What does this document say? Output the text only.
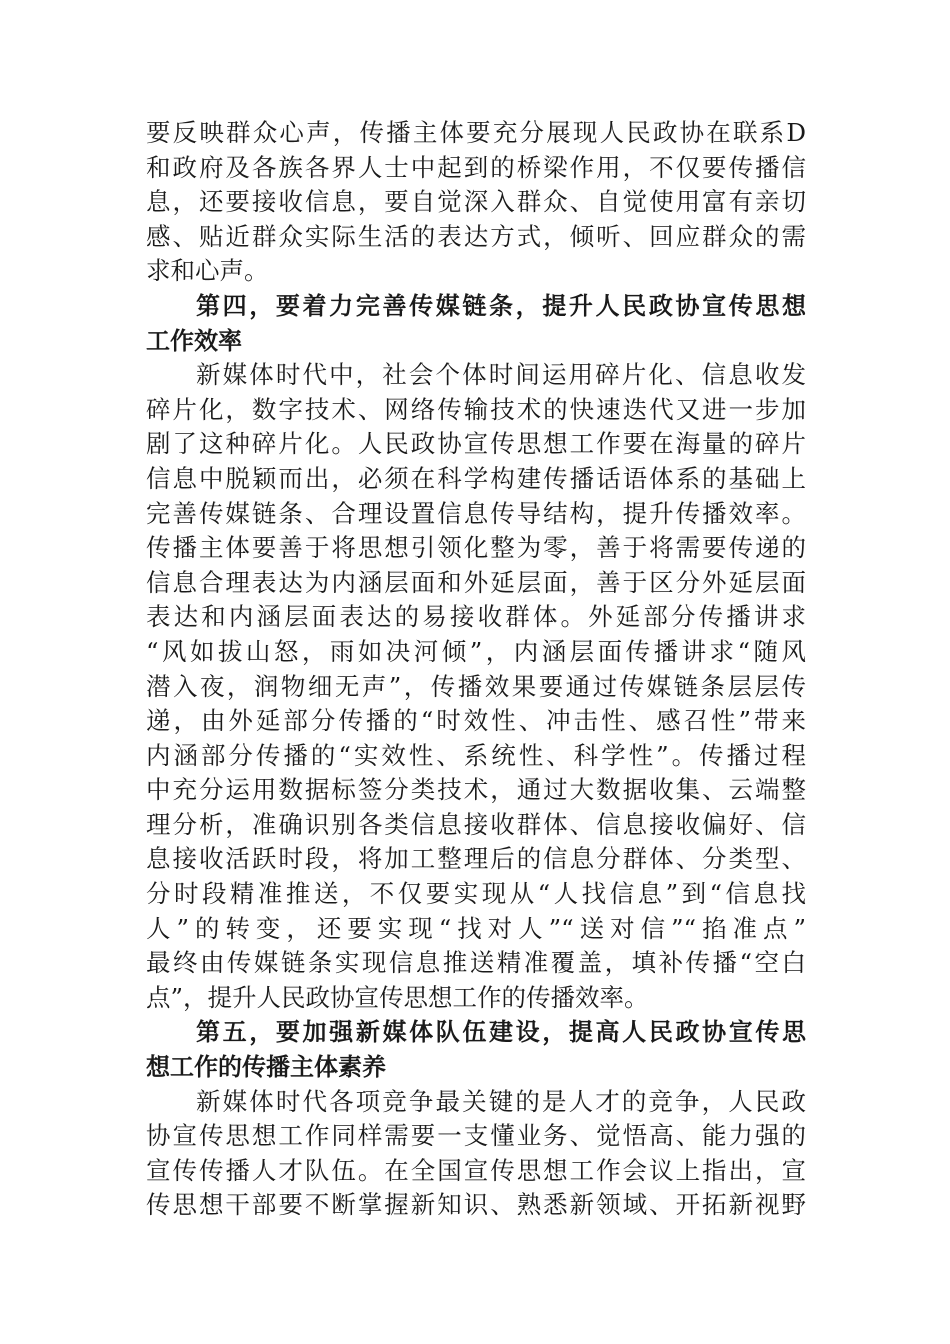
要反映群众心声，传播主体要充分展现人民政协在联系D
和政府及各族各界人士中起到的桥梁作用，不仅要传播信
息，还要接收信息，要自觉深入群众、自觉使用富有亲切
感、贴近群众实际生活的表达方式，倾听、回应群众的需
求和心声。
第四，要着力完善传媒链条，提升人民政协宣传思想
工作效率
新媒体时代中，社会个体时间运用碎片化、信息收发
碎片化，数字技术、网络传输技术的快速迭代又进一步加
剧了这种碎片化。人民政协宣传思想工作要在海量的碎片
信息中脱颖而出，必须在科学构建传播话语体系的基础上
完善传媒链条、合理设置信息传导结构，提升传播效率。
传播主体要善于将思想引领化整为零，善于将需要传递的
信息合理表达为内涵层面和外延层面，善于区分外延层面
表达和内涵层面表达的易接收群体。外延部分传播讲求
“风如拔山怒，雨如决河倾”，内涵层面传播讲求“随风
潜入夜，润物细无声”，传播效果要通过传媒链条层层传
递，由外延部分传播的“时效性、冲击性、感召性”带来
内涵部分传播的“实效性、系统性、科学性”。传播过程
中充分运用数据标签分类技术，通过大数据收集、云端整
理分析，准确识别各类信息接收群体、信息接收偏好、信
息接收活跃时段，将加工整理后的信息分群体、分类型、
分时段精准推送，不仅要实现从“人找信息”到“信息找
人”的转变，还要实现“找对人”“送对信”“掐准点”
最终由传媒链条实现信息推送精准覆盖，填补传播“空白
点”，提升人民政协宣传思想工作的传播效率。
第五，要加强新媒体队伍建设，提高人民政协宣传思
想工作的传播主体素养
新媒体时代各项竞争最关键的是人才的竞争，人民政
协宣传思想工作同样需要一支懂业务、觉悟高、能力强的
宣传传播人才队伍。在全国宣传思想工作会议上指出，宣
传思想干部要不断掌握新知识、熟悉新领域、开拓新视野
